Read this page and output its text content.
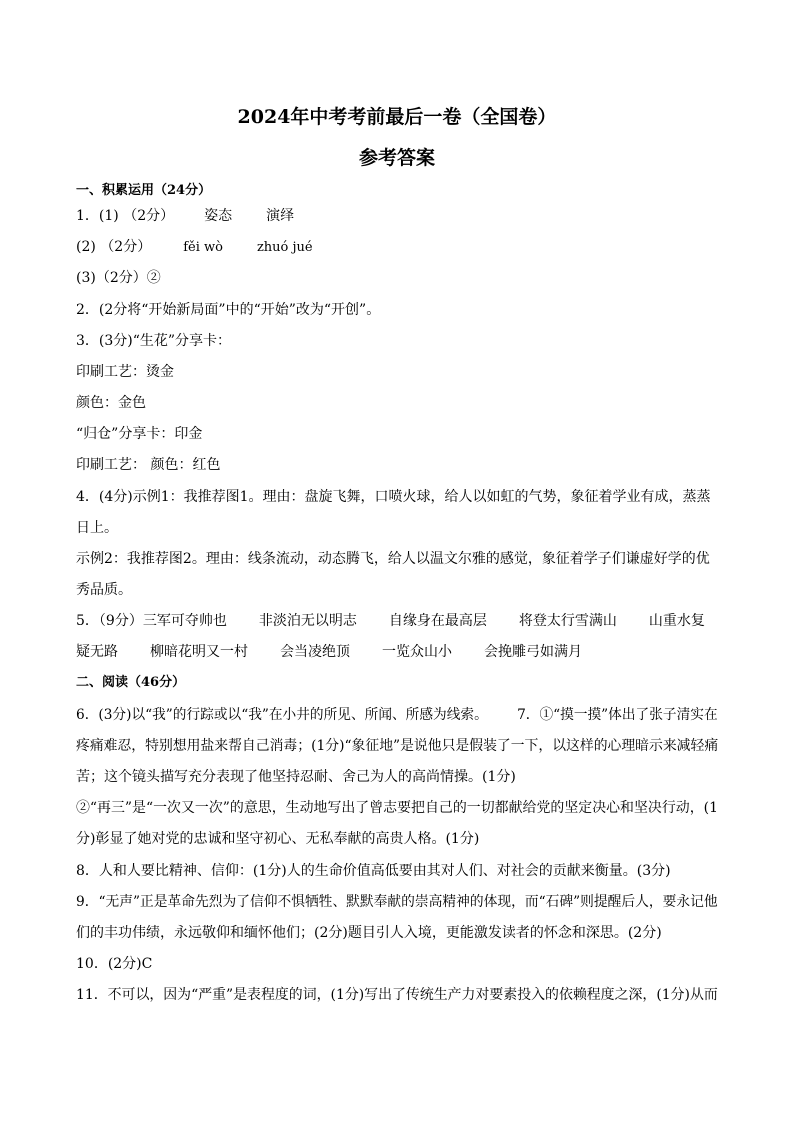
2024年中考考前最后一卷（全国卷）
参考答案
一、积累运用（24分）
1．(1) （2分） 姿态 演绎
(2) （2分） fěi wò	zhuó jué
(3)（2分）②
2．(2分将“开始新局面”中的“开始”改为“开创”。
3．(3分)“生花”分享卡：
印刷工艺：烫金
颜色：金色
“归仓”分享卡：印金
印刷工艺： 颜色：红色
4．(4分)示例1：我推荐图1。理由：盘旋飞舞，口喷火球，给人以如虹的气势，象征着学业有成，蒸蒸
日上。
示例2：我推荐图2。理由：线条流动，动态腾飞，给人以温文尔雅的感觉，象征着学子们谦虚好学的优
秀品质。
5．（9分）三军可夺帅也 非淡泊无以明志 自缘身在最高层 将登太行雪满山 山重水复
疑无路 柳暗花明又一村 会当凌绝顶 一览众山小 会挽雕弓如满月
二、阅读（46分）
6．(3分)以“我”的行踪或以“我”在小井的所见、所闻、所感为线索。 7．①“摸一摸”体出了张子清实在
疼痛难忍，特别想用盐来帮自己消毒；(1分)“象征地”是说他只是假装了一下，以这样的心理暗示来减轻痛
苦；这个镜头描写充分表现了他坚持忍耐、舍己为人的高尚情操。(1分)
②“再三”是“一次又一次”的意思，生动地写出了曾志要把自己的一切都献给党的坚定决心和坚决行动，(1
分)彰显了她对党的忠诚和坚守初心、无私奉献的高贵人格。(1分)
8．人和人要比精神、信仰：(1分)人的生命价值高低要由其对人们、对社会的贡献来衡量。(3分)
9．“无声”正是革命先烈为了信仰不惧牺牲、默默奉献的崇高精神的体现，而“石碑”则提醒后人，要永记他
们的丰功伟绩，永远敬仰和缅怀他们；(2分)题目引人入境，更能激发读者的怀念和深思。(2分)
10．(2分)C
11．不可以，因为“严重”是表程度的词，(1分)写出了传统生产力对要素投入的依赖程度之深，(1分)从而
